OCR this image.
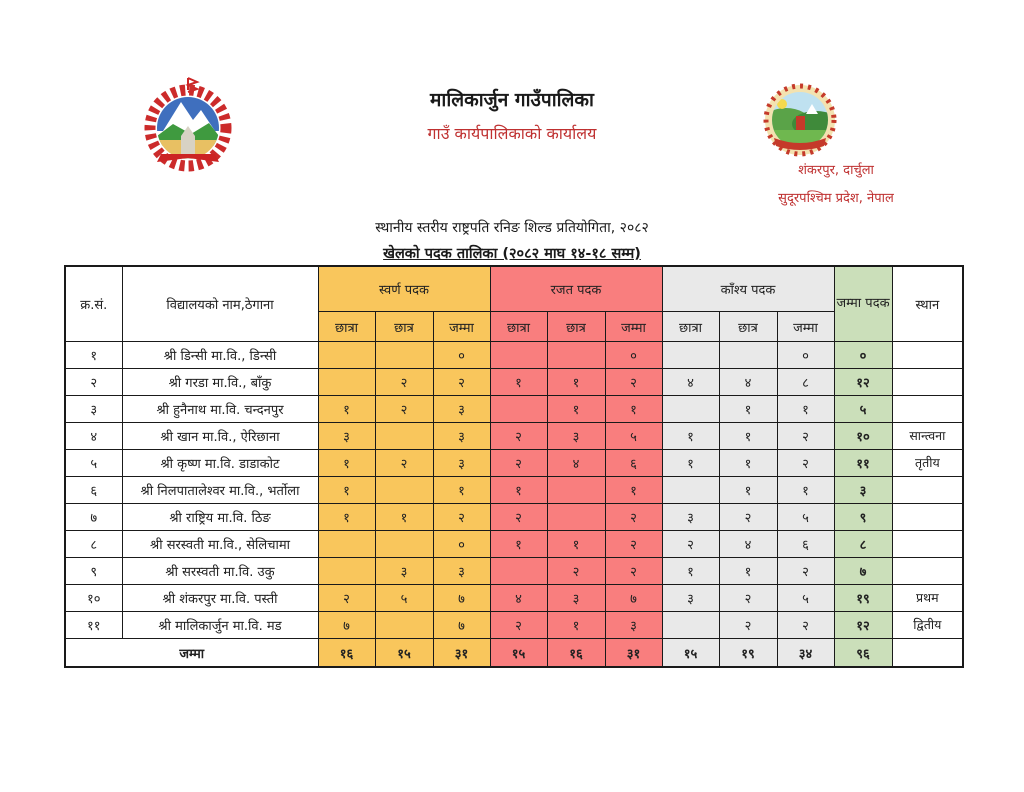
मालिकार्जुन गाउँपालिका
गाउँ कार्यपालिकाको कार्यालय
शंकरपुर, दार्चुला
सुदूरपश्चिम प्रदेश, नेपाल
स्थानीय स्तरीय राष्ट्रपति रनिङ शिल्ड प्रतियोगिता, २०८२
खेलको पदक तालिका (२०८२ माघ १४-१८ सम्म)
क्र.सं.	विद्यालयको नाम,ठेगाना	स्वर्ण पदक			रजत पदक			काँश्य पदक			जम्मा पदक	स्थान
		छात्रा	छात्र	जम्मा	छात्रा	छात्र	जम्मा	छात्रा	छात्र	जम्मा		
१	श्री डिन्सी मा.वि., डिन्सी			०			०			०	०	
२	श्री गरडा मा.वि., बाँकु		२	२	१	१	२	४	४	८	१२	
३	श्री हुनैनाथ मा.वि. चन्दनपुर	१	२	३		१	१		१	१	५	
४	श्री खान मा.वि., ऐरिछाना	३		३	२	३	५	१	१	२	१०	सान्त्वना
५	श्री कृष्ण मा.वि. डाडाकोट	१	२	३	२	४	६	१	१	२	११	तृतीय
६	श्री निलपातालेश्वर मा.वि., भर्तोला	१		१	१		१		१	१	३	
७	श्री राष्ट्रिय मा.वि. ठिङ	१	१	२	२		२	३	२	५	९	
८	श्री सरस्वती मा.वि., सेलिचामा			०	१	१	२	२	४	६	८	
९	श्री सरस्वती मा.वि. उकु		३	३		२	२	१	१	२	७	
१०	श्री शंकरपुर मा.वि. पस्ती	२	५	७	४	३	७	३	२	५	१९	प्रथम
११	श्री मालिकार्जुन मा.वि. मड	७		७	२	१	३		२	२	१२	द्वितीय
जम्मा		१६	१५	३१	१५	१६	३१	१५	१९	३४	९६	
